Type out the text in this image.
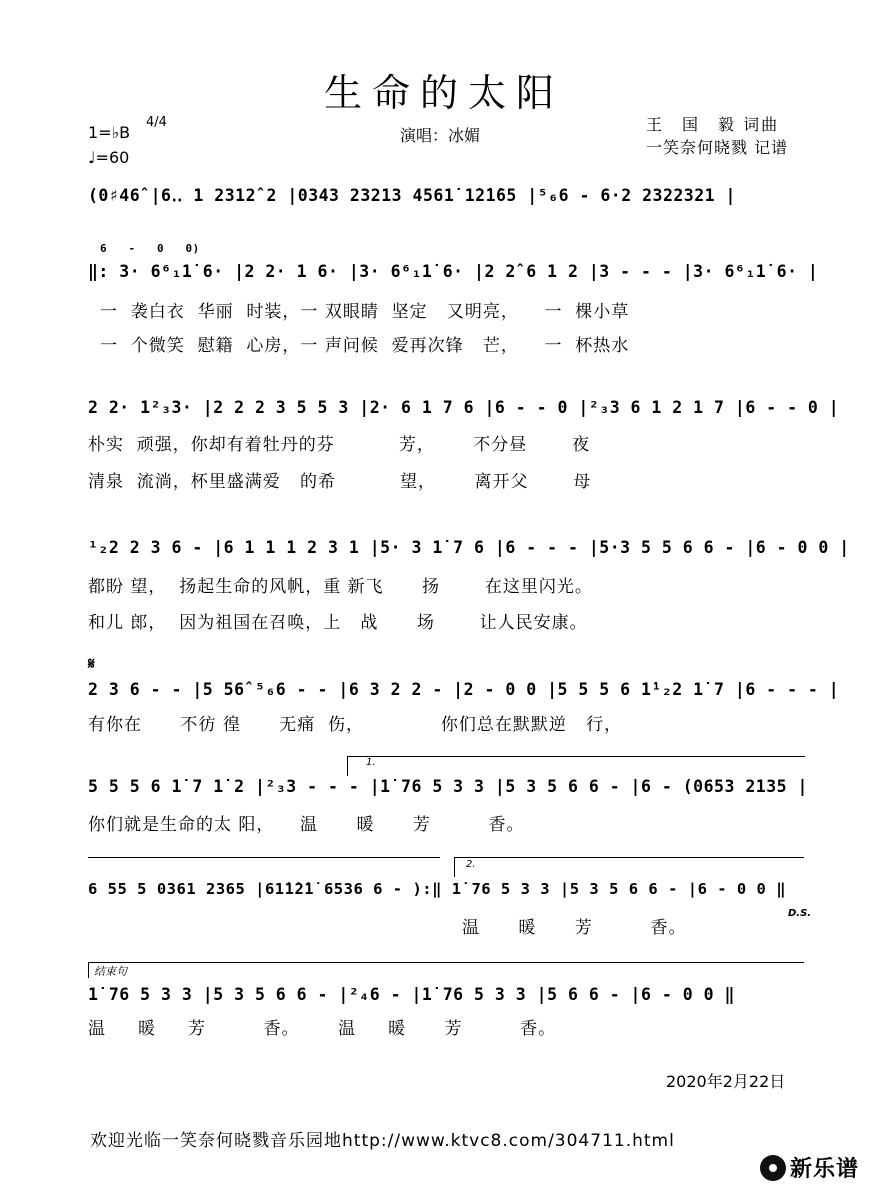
生命的太阳
1=♭B
4/4
♩=60
演唱：冰媚
王　国　毅 词曲
一笑奈何晓戮 记谱
(0♯46̂ |6‥ 1 2312̂ 2 |0343 23213 4561̇ 1̇2̇1̇65 |⁵₆6 - 6·2 2322321 |
6   -   0   0)
‖: 3· 6⁶₁1̇ 6· |2 2· 1 6· |3· 6⁶₁1̇ 6· |2 2̂ 6 1 2 |3 - - - |3· 6⁶₁1̇ 6· |
一  袭白衣  华丽  时装，一 双眼睛  坚定   又明亮，    一  棵小草
一  个微笑  慰籍  心房，一 声问候  爱再次锋   芒，    一  杯热水
2 2· 1²₃3· |2 2 2 3 5 5 3 |2· 6 1 7 6 |6 - - 0 |²₃3 6 1 2 1 7 |6 - - 0 |
朴实  顽强，你却有着牡丹的芬          芳，      不分昼       夜
清泉  流淌，杯里盛满爱   的希          望，      离开父       母
¹₂2 2 3 6 - |6 1 1 1 2 3 1 |5· 3 1̇ 7 6 |6 - - - |5·3 5 5 6 6 - |6 - 0 0 |
都盼 望，  扬起生命的风帆，重 新飞      扬       在这里闪光。
和儿 郎，  因为祖国在召唤，上   战      场       让人民安康。
𝄋
2 3 6 - - |5 56̂ ⁵₆6 - - |6 3 2 2 - |2 - 0 0 |5 5 5 6 1̇¹₂2 1̇ 7 |6 - - - |
有你在      不彷 徨      无痛  伤，            你们总在默默逆   行，
1.
5 5 5 6 1̇ 7 1̇ 2 |²₃3 - - - |1̇ 76 5 3 3 |5 3 5 6 6 - |6 - (0653 2135 |
你们就是生命的太 阳，    温      暖      芳         香。
2.
6 55 5 0361 2365 |61̇1̇2̇1̇ 6536 6 - ):‖ 1̇ 76 5 3 3 |5 3 5 6 6 - |6 - 0 0 ‖
D.S.
温      暖      芳         香。
结束句
1̇ 76 5 3 3 |5 3 5 6 6 - |²₄6 - |1̇ 76 5 3 3 |5 6 6 - |6 - 0 0 ‖
温     暖     芳         香。      温     暖      芳         香。
2020年2月22日
欢迎光临一笑奈何晓戮音乐园地http://www.ktvc8.com/304711.html
新乐谱
